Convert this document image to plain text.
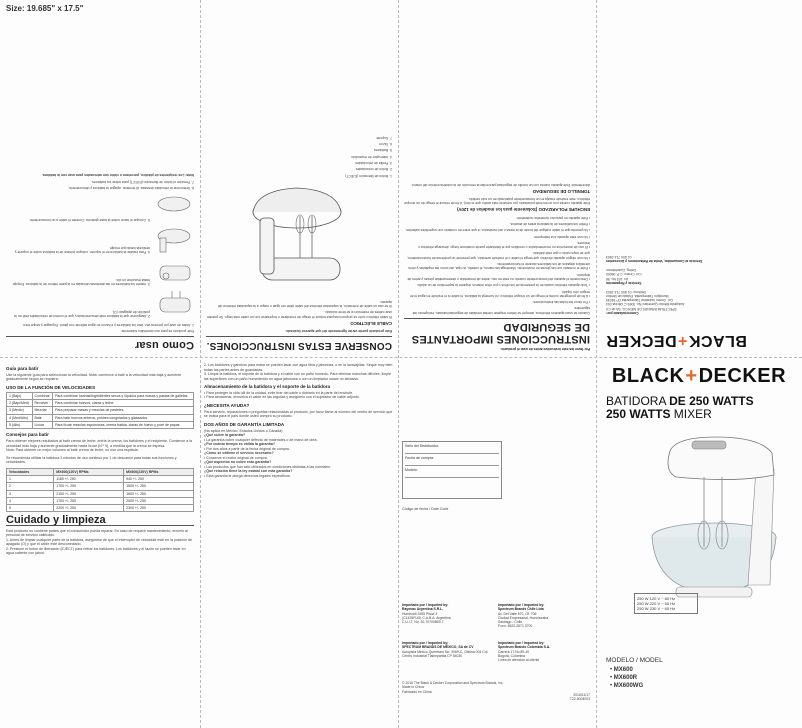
Size: 19.685" x 17.5"
BLACK+DECKER
Comercializado por:
SPECTRUM BRANDS DE MEXICO, SA de CV
Autopista México Querétaro No. 3069-C Oficina 004
Col. Centro Industrial Tlalnepantla CP 54030
Municipio Tlalnepantla, Estado de México
Teléfono: 01 800 714 2503

Servicio y Reparación
Av. 103 No. 56
Col. Centro, C.P. 06000
Deleg. Cuauhtémoc

Servicio al Consumidor, Venta de Refacciones y Accesorios
01 800 714 2503

Por favor lea este instructivo antes de usar el producto.

INSTRUCCIONES IMPORTANTES DE SEGURIDAD

Cuando se usan aparatos eléctricos, siempre se deben respetar ciertas medidas de seguridad básicas, incluyendo las siguientes:

• Por favor lea todas las instrucciones.

• A fin de protegerse contra el riesgo de un choque eléctrico, no sumerja la batidora, el cable ni el enchufe en agua ni en ningún otro líquido.

• Todo aparato eléctrico usado en la presencia de los niños o por ellos mismos requiere la supervisión de un adulto.

• Desconecte el aparato del tomacorriente cuando no esté en uso, antes de ensamblar o desensamblar piezas y antes de limpiarlo.

• Evite el contacto con las piezas en movimiento. Mantenga las manos, el cabello, la ropa, así como las espátulas y otros utensilios alejados de los batidores durante el funcionamiento.

• No use ningún aparato eléctrico que tenga el cable o el enchufe averiado, que presente un problema de funcionamiento, que se haya caído o que esté dañado.

• El uso de accesorios no recomendados o vendidos por el fabricante puede ocasionar fuego, descarga eléctrica o lesiones.

• No use este aparato a la intemperie.

• No permita que el cable cuelgue del borde de la mesa o del mostrador, ni que entre en contacto con superficies calientes.

• Retire los batidores de la batidora antes de lavarlos.

• Este aparato es para uso doméstico solamente.

ENCHUFE POLARIZADO (Solamente para los modelos de 120V)

Este aparato cuenta con un enchufe polarizado (un contacto más ancho que el otro). A fin de reducir el riesgo de un choque eléctrico, este enchufe encaja en un tomacorriente polarizado en un solo sentido.

TORNILLO DE SEGURIDAD

Advertencia: Este aparato cuenta con un tornillo de seguridad para evitar la remoción de la cubierta exterior del mismo.

CONSERVE ESTAS INSTRUCCIONES.

Este producto puede variar ligeramente del que aparece ilustrado.

CABLE ELÉCTRICO

El cable eléctrico corto se proporciona para reducir el riesgo de enredarse o tropezarse con un cable más largo. Se pueden usar cables de extensión si se tiene cuidado.

Si se usa un cable de extensión, la capacidad eléctrica del cable debe ser igual o mayor a la capacidad eléctrica del aparato.

1. Botón de liberación (EJECT)

2. Botón de velocidades

3. Perilla de velocidades

4. Interruptor de encendido

5. Batidores

6. Tazón

7. Soporte

Como usar

Este producto es para uso doméstico solamente.

1. Antes de usar por primera vez, lave los batidores y el tazón en agua caliente con jabón. Enjuague y seque bien.

2. Asegúrese que la batidora esté desconectada y que el control de velocidades esté en la posición de apagado (O).

3. Inserte los batidores en las aberturas ubicadas en la parte inferior de la batidora. Empuje hasta escuchar un clic.

4. Para instalar la batidora en el soporte, coloque la base de la batidora sobre el soporte y deslícela hasta que encaje.

5. Coloque el tazón sobre la base giratoria. Conecte el cable a un tomacorriente.

6. Seleccione la velocidad deseada. Al terminar, apague la batidora y desconéctela.

7. Presione el botón de liberación (EJECT) para retirar los batidores.

Nota: Los recipientes de plástico, porcelana o vidrio son adecuados para usar con la batidora.

Guía para batir

Use la siguiente guía para seleccionar la velocidad. Nota: comience a batir a la velocidad más baja y aumente gradualmente según se requiera.

USO DE LA FUNCIÓN DE VELOCIDADES
1 (Bajo)	Combinar	Para combinar harinas/ingredientes secos y líquidos para masas y pastas de galletas.
2 (Bajo/Med)	Revolver	Para combinar huevos, claras y leche.
3 (Medio)	Mezclar	Para preparar masas y mezclas de pasteles.
4 (Med/Alto)	Batir	Para batir huevos enteros, postres congelados y glaseados.
5 (Alto)	Licuar	Para licuar mezclas espumosas, crema batida, claras de huevo y puré de papas.
Consejos para batir

Para obtener mejores resultados al batir crema de leche, enfríe la crema, los batidores y el recipiente. Comience a la velocidad más baja y aumente gradualmente hasta licuar (N.º 5), a medida que la crema se espesa.

Nota: Para obtener un mejor volumen al batir crema de leche, no use una espátula.

Se recomienda utilizar la batidora 3 minutos de uso continuo por 1 de descanso para todas sus funciones y velocidades.

Velocidades	MX600(120V) RPMs	MX600(220V) RPMs
1	1180 +/- 250	940 +/- 250
2	1700 +/- 250	1500 +/- 250
3	2100 +/- 250	1600 +/- 250
4	1700 +/- 250	2000 +/- 250
5	2200 +/- 250	2300 +/- 250
Cuidado y limpieza

Este producto no contiene partes que el consumidor pueda reparar. En caso de requerir mantenimiento, envíelo al personal de servicio calificado.

1. Antes de limpiar cualquier parte de la batidora, asegúrese de que el interruptor de velocidad esté en la posición de apagado (O) y que el cable esté desconectado.

2. Presione el botón de liberación (EJECT) para retirar los batidores. Los batidores y el tazón se pueden lavar en agua caliente con jabón.

2. Los batidores y ganchos para masa se pueden lavar con agua tibia y jabonosa, o en la lavavajillas. Seque muy bien todas las partes antes de guardarlas.

3. Limpie la batidora, el soporte de la batidora y el cable con un paño húmedo. Para eliminar manchas difíciles, limpie las superficies con un paño humedecido en agua jabonosa o con un limpiador suave no abrasivo.

Almacenamiento de la batidora y el soporte de la batidora

• Para proteger la vida útil de la unidad, evite tirar del cable o doblarlo en la parte del enchufe.

• Para almacenar, envuelva el cable en las argollas y asegúrelo con el sujetador de cable adjunto.

¿NECESITA AYUDA?

Para servicio, reparaciones o preguntas relacionadas al producto, por favor llame al número del centro de servicio que se indica para el país donde usted compró su producto.

DOS AÑOS DE GARANTÍA LIMITADA

(No aplica en México, Estados Unidos o Canadá)

¿Qué cubre la garantía?

• La garantía cubre cualquier defecto de materiales o de mano de obra.

¿Por cuánto tiempo es válida la garantía?

• Por dos años a partir de la fecha original de compra.

¿Cómo se obtiene el servicio necesario?

• Conserve el recibo original de compra.

¿Qué aspectos no cubre esta garantía?

• Los productos que han sido utilizados en condiciones distintas a las normales.

¿Qué relación tiene la ley estatal con esta garantía?

• Esta garantía le otorga derechos legales específicos.

Sello del Distribuidor:
Fecha de compra:
Modelo:

Código de fecha / Date Code

Importado por / Imported by:
Rayovac Argentina S.R.L.
Humboldt 2495 Piso# 3
(C1425FUG) C.A.B.A. Argentina
C.U.I.T. No. 30-70700869-7
Importado por / Imported by:
Spectrum Brands Chile Ltda
Av. Del Valle 570, Of. 706
Ciudad Empresarial, Huechuraba
Santiago - Chile
Fono: 5622-2571 3700
Importado por / Imported by:
SPECTRUM BRANDS DE MÉXICO, SA de CV
Autopista México Querétaro No. 3069-C, Oficina 004 Col.
Centro Industrial Tlalnepantla CP 54030
Importado por / Imported by:
Spectrum Brands Colombia S.A.
Carrera 17 No 89-40
Bogotá, Colombia
Línea de atención al cliente

© 2016 The Black & Decker Corporation and Spectrum Brands, Inc.

Made in China

Fabricado en China

2016/11/17

T22-5004003

BLACK+DECKER
BATIDORA DE 250 WATTS
250 WATTS MIXER
250 W 120 V ~ 60 Hz
250 W 220 V ~ 50 Hz
250 W 230 V ~ 60 Hz
MODELO / MODEL
• MX600
• MX600R
• MX600WG
